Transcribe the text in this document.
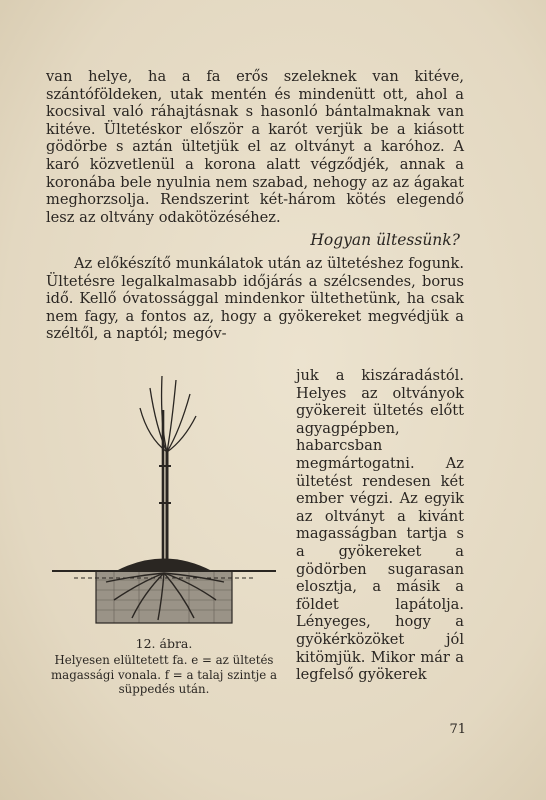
van helye, ha a fa erős szeleknek van kitéve, szántóföldeken, utak mentén és mindenütt ott, ahol a kocsival való ráhajtásnak s hasonló bántalmaknak van kitéve. Ültetéskor először a karót verjük be a kiásott gödörbe s aztán ültetjük el az oltványt a karóhoz. A karó közvetlenül a korona alatt végződjék, annak a koronába bele nyulnia nem szabad, nehogy az az ágakat meghorzsolja. Rendszerint két-három kötés elegendő lesz az oltvány odakötözéséhez.

Hogyan ültessünk?

Az előkészítő munkálatok után az ültetéshez fogunk. Ültetésre legalkalmasabb időjárás a szélcsendes, borus idő. Kellő óvatossággal mindenkor ültethetünk, ha csak nem fagy, a fontos az, hogy a gyökereket megvédjük a széltől, a naptól; megóv-

juk a kiszáradástól. Helyes az oltványok gyökereit ültetés előtt agyagpépben, habarcsban megmártogatni. Az ültetést rendesen két ember végzi. Az egyik az oltványt a kivánt magasságban tartja s a gyökereket a gödörben sugarasan elosztja, a másik a földet lapátolja. Lényeges, hogy a gyökérközöket jól kitömjük. Mikor már a legfelső gyökerek

12. ábra.
Helyesen elültetett fa. e = az ültetés magassági vonala. f = a talaj szintje a süppedés után.
71
